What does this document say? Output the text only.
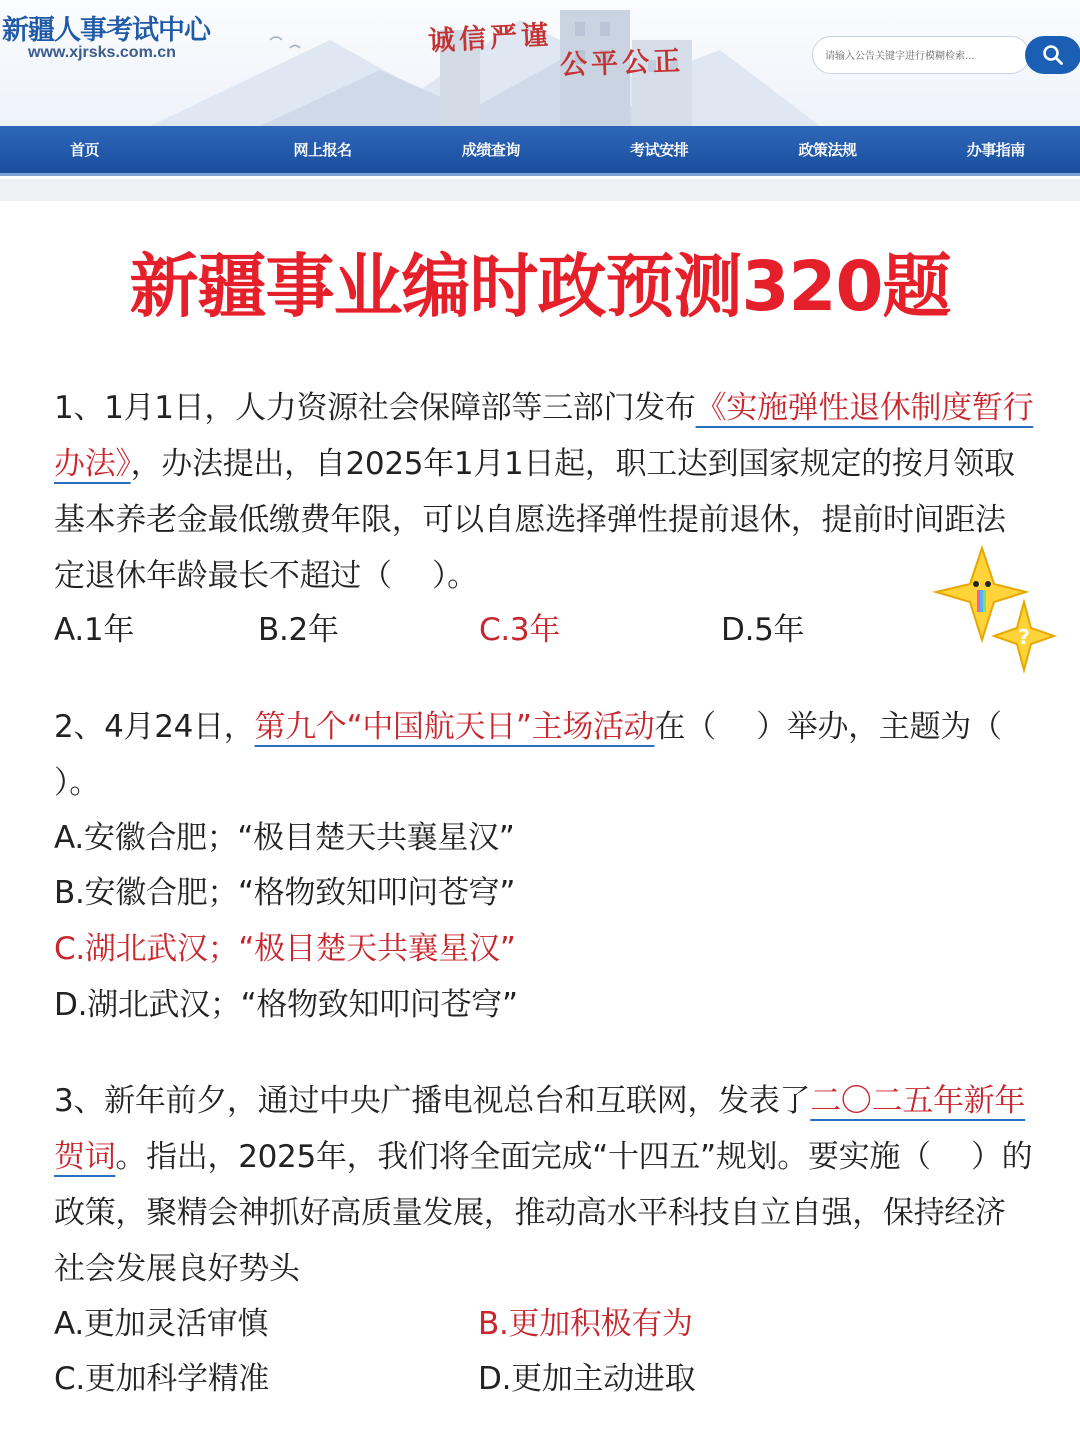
新疆人事考试中心
www.xjrsks.com.cn	诚信严谨
公平公正
请输入公告关键字进行模糊检索...
首页	网上报名	成绩查询	考试安排	政策法规	办事指南
新疆事业编时政预测320题
1、1月1日，人力资源社会保障部等三部门发布《实施弹性退休制度暂行办法》，办法提出，自2025年1月1日起，职工达到国家规定的按月领取基本养老金最低缴费年限，可以自愿选择弹性提前退休，提前时间距法定退休年龄最长不超过（　 ）。
A.1年	B.2年	C.3年	D.5年	?
2、4月24日，第九个“中国航天日”主场活动在（　 ）举办，主题为（　 ）。
A.安徽合肥；“极目楚天共襄星汉”
B.安徽合肥；“格物致知叩问苍穹”
C.湖北武汉；“极目楚天共襄星汉”
D.湖北武汉；“格物致知叩问苍穹”
3、新年前夕，通过中央广播电视总台和互联网，发表了二〇二五年新年贺词。指出，2025年，我们将全面完成“十四五”规划。要实施（　 ）的政策，聚精会神抓好高质量发展，推动高水平科技自立自强，保持经济社会发展良好势头
A.更加灵活审慎	B.更加积极有为
C.更加科学精准	D.更加主动进取
